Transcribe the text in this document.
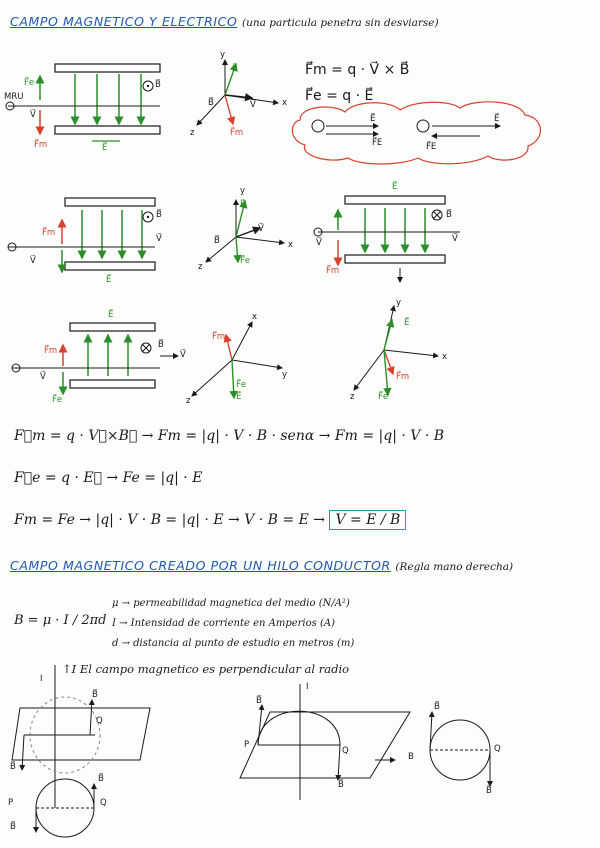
CAMPO MAGNETICO Y ELECTRICO (una particula penetra sin desviarse)
F⃗e
MRU
V⃗
F⃗m	E⃗
B⃗
y
E⃗
x
z	F⃗m
B⃗	V⃗
F⃗m = q · V⃗ × B⃗
F⃗e = q · E⃗
E⃗
F⃗E
E⃗
F⃗E
F⃗m
V⃗
E⃗
B⃗
V⃗
y
E⃗
x
z
F⃗e
B⃗
V⃗
E⃗
B⃗
V⃗
V⃗
F⃗m
E⃗
F⃗m
V⃗
F⃗e
V⃗
B⃗
F⃗m
x
y
z
F⃗e
E⃗
y
E⃗
x
z
F⃗m
F⃗e
F⃗m = q · V⃗×B⃗ → Fm = |q| · V · B · senα → Fm = |q| · V · B
F⃗e = q · E⃗ → Fe = |q| · E
Fm = Fe → |q| · V · B = |q| · E → V · B = E → V = E / B
CAMPO MAGNETICO CREADO POR UN HILO CONDUCTOR (Regla mano derecha)
B = μ · I / 2πd
μ → permeabilidad magnetica del medio (N/A²)
I → Intensidad de corriente en Amperios (A)
d → distancia al punto de estudio en metros (m)
↑I El campo magnetico es perpendicular al radio
B⃗
Q
B⃗
I
B⃗
Q
P
B⃗
I
B⃗
P
Q
B⃗
B⃗
B
Q
B⃗
